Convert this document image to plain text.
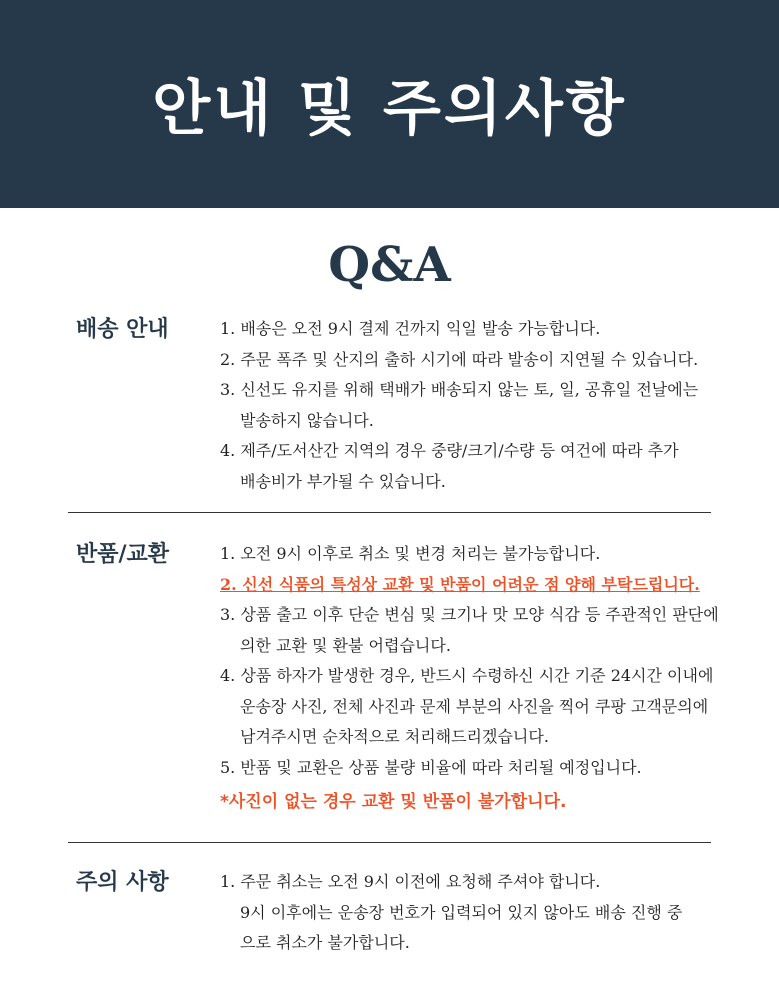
안내 및 주의사항
Q&A
배송 안내	1. 배송은 오전 9시 결제 건까지 익일 발송 가능합니다.
2. 주문 폭주 및 산지의 출하 시기에 따라 발송이 지연될 수 있습니다.
3. 신선도 유지를 위해 택배가 배송되지 않는 토, 일, 공휴일 전날에는
발송하지 않습니다.
4. 제주/도서산간 지역의 경우 중량/크기/수량 등 여건에 따라 추가
배송비가 부가될 수 있습니다.
반품/교환	1. 오전 9시 이후로 취소 및 변경 처리는 불가능합니다.
2. 신선 식품의 특성상 교환 및 반품이 어려운 점 양해 부탁드립니다.
3. 상품 출고 이후 단순 변심 및 크기나 맛 모양 식감 등 주관적인 판단에
의한 교환 및 환불 어렵습니다.
4. 상품 하자가 발생한 경우, 반드시 수령하신 시간 기준 24시간 이내에
운송장 사진, 전체 사진과 문제 부분의 사진을 찍어 쿠팡 고객문의에
남겨주시면 순차적으로 처리해드리겠습니다.
5. 반품 및 교환은 상품 불량 비율에 따라 처리될 예정입니다.
*사진이 없는 경우 교환 및 반품이 불가합니다.
주의 사항	1. 주문 취소는 오전 9시 이전에 요청해 주셔야 합니다.
9시 이후에는 운송장 번호가 입력되어 있지 않아도 배송 진행 중
으로 취소가 불가합니다.
